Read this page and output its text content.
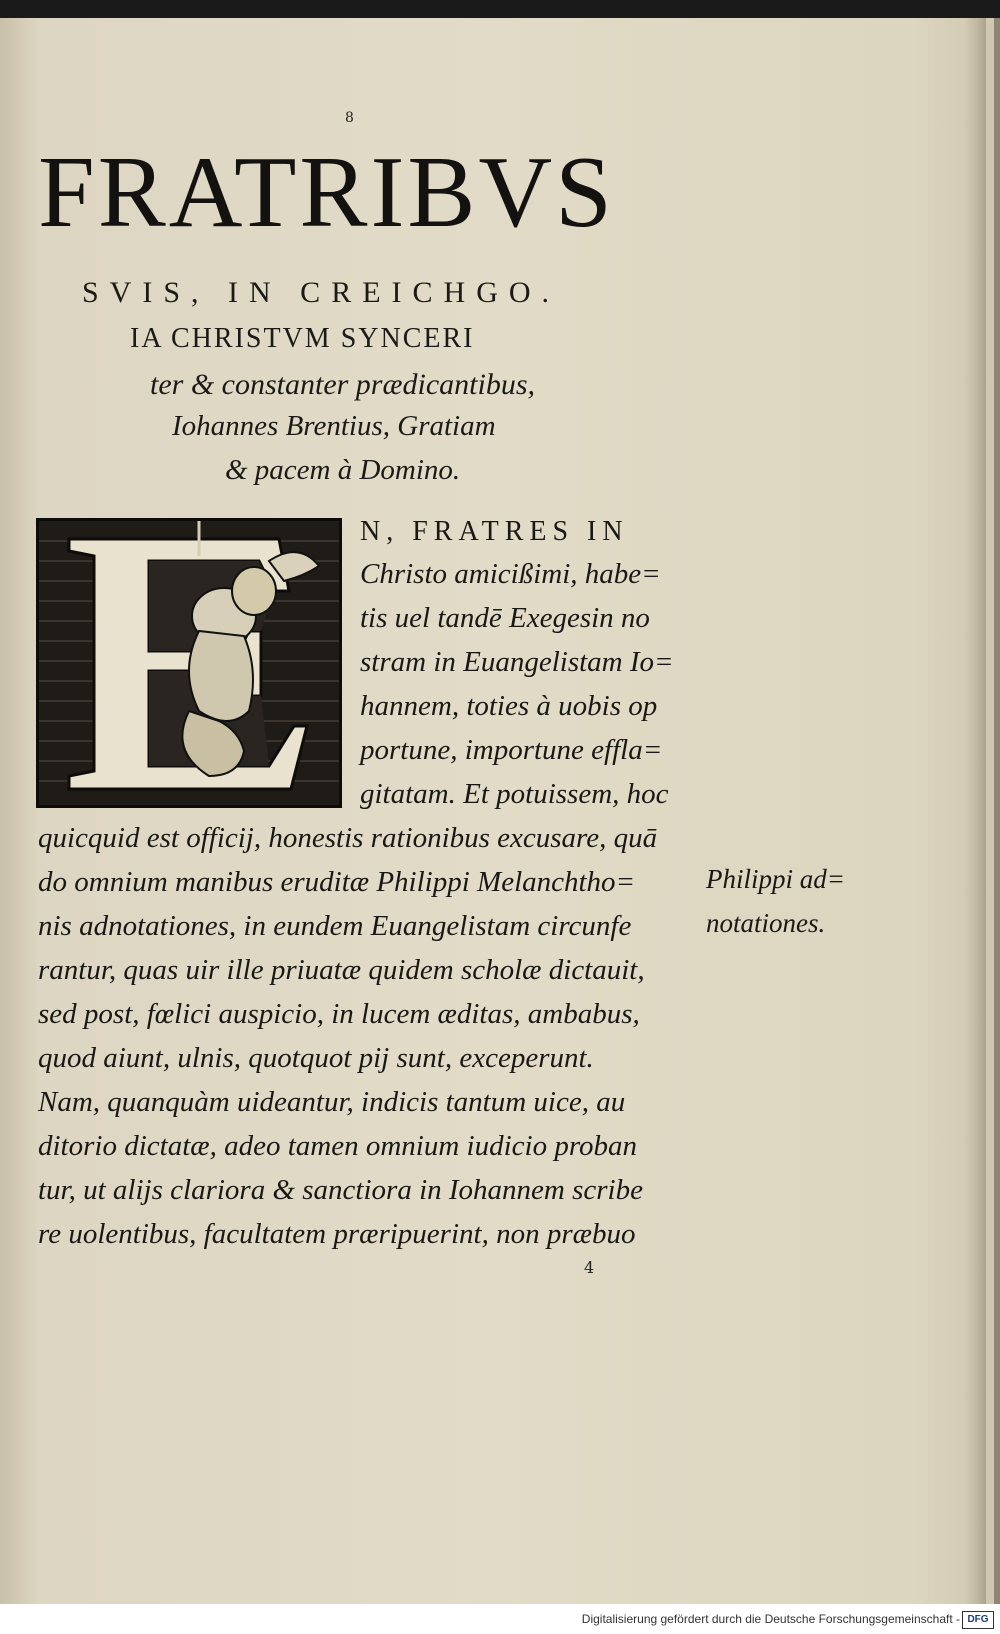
8
FRATRIBVS
SVIS, IN CREICHGO.
IA CHRISTVM SYNCERI
ter & constanter prædicantibus,
Iohannes Brentius, Gratiam
& pacem à Domino.
N, FRATRES IN
Christo amicißimi, habe=
tis uel tandē Exegesin no
stram in Euangelistam Io=
hannem, toties à uobis op
portune, importune effla=
gitatam. Et potuissem, hoc
quicquid est officij, honestis rationibus excusare, quā
do omnium manibus eruditæ Philippi Melanchtho=
nis adnotationes, in eundem Euangelistam circunfe
rantur, quas uir ille priuatæ quidem scholæ dictauit,
sed post, fœlici auspicio, in lucem æditas, ambabus,
quod aiunt, ulnis, quotquot pij sunt, exceperunt.
Nam, quanquàm uideantur, indicis tantum uice, au
ditorio dictatæ, adeo tamen omnium iudicio proban
tur, ut alijs clariora & sanctiora in Iohannem scribe
re uolentibus, facultatem præripuerint, non præbuo
Philippi ad=
notationes.
4

Digitalisierung gefördert durch die Deutsche Forschungsgemeinschaft - DFG
